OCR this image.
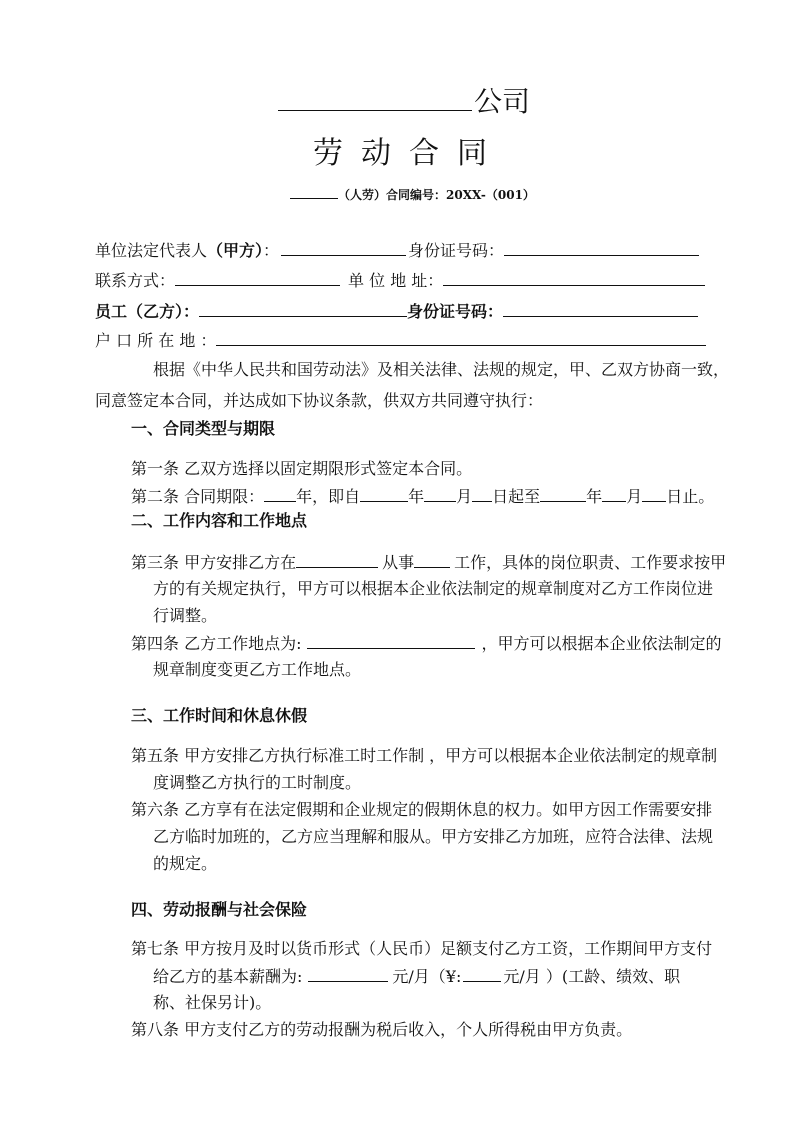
公司
劳动合同
（人劳）合同编号：20XX-（001）
单位法定代表人（甲方）：	身份证号码：
联系方式：	单 位 地 址：
员工（乙方）：	身份证号码：
户 口 所 在 地 ：
根据《中华人民共和国劳动法》及相关法律、法规的规定，甲、乙双方协商一致，
同意签定本合同，并达成如下协议条款，供双方共同遵守执行：
一、合同类型与期限
第一条 乙双方选择以固定期限形式签定本合同。
第二条 合同期限： 年，即自	年 月 日起至	年 月 日止。
二、工作内容和工作地点
第三条 甲方安排乙方在	从事	工作，具体的岗位职责、工作要求按甲
方的有关规定执行，甲方可以根据本企业依法制定的规章制度对乙方工作岗位进
行调整。
第四条 乙方工作地点为:	，甲方可以根据本企业依法制定的
规章制度变更乙方工作地点。
三、工作时间和休息休假
第五条 甲方安排乙方执行标准工时工作制 ，甲方可以根据本企业依法制定的规章制
度调整乙方执行的工时制度。
第六条 乙方享有在法定假期和企业规定的假期休息的权力。如甲方因工作需要安排
乙方临时加班的，乙方应当理解和服从。甲方安排乙方加班，应符合法律、法规
的规定。
四、劳动报酬与社会保险
第七条 甲方按月及时以货币形式（人民币）足额支付乙方工资，工作期间甲方支付
给乙方的基本薪酬为:	元/月（¥:	元/月 ）(工龄、绩效、职
称、社保另计)。
第八条 甲方支付乙方的劳动报酬为税后收入，个人所得税由甲方负责。
